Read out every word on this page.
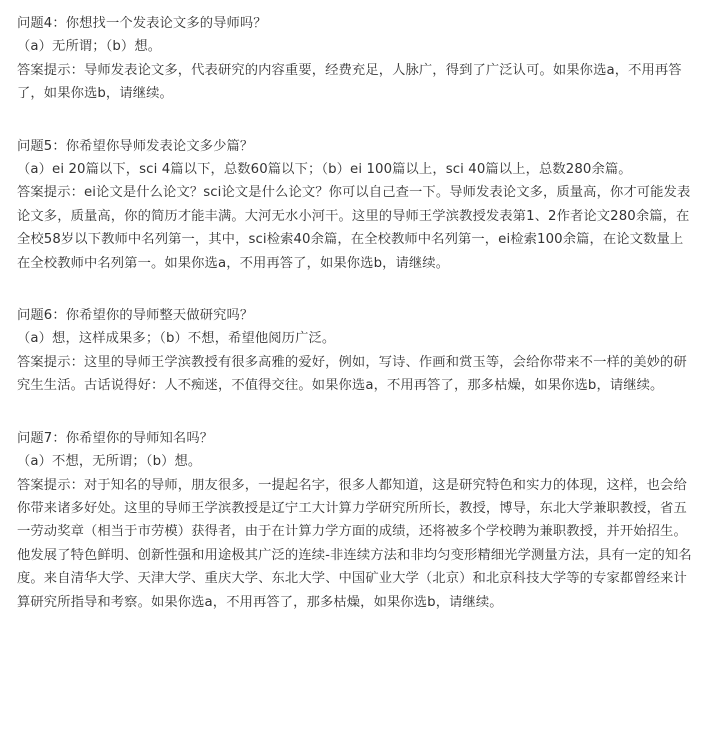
问题4：你想找一个发表论文多的导师吗？

（a）无所谓；（b）想。

答案提示：导师发表论文多，代表研究的内容重要，经费充足，人脉广，得到了广泛认可。如果你选a，不用再答了，如果你选b，请继续。

问题5：你希望你导师发表论文多少篇？

（a）ei 20篇以下，sci 4篇以下，总数60篇以下；（b）ei 100篇以上，sci 40篇以上，总数280余篇。

答案提示：ei论文是什么论文？sci论文是什么论文？你可以自己查一下。导师发表论文多，质量高，你才可能发表论文多，质量高，你的简历才能丰满。大河无水小河干。这里的导师王学滨教授发表第1、2作者论文280余篇，在全校58岁以下教师中名列第一，其中，sci检索40余篇，在全校教师中名列第一，ei检索100余篇，在论文数量上在全校教师中名列第一。如果你选a，不用再答了，如果你选b，请继续。

问题6：你希望你的导师整天做研究吗？

（a）想，这样成果多；（b）不想，希望他阅历广泛。

答案提示：这里的导师王学滨教授有很多高雅的爱好，例如，写诗、作画和赏玉等，会给你带来不一样的美妙的研究生生活。古话说得好：人不痴迷，不值得交往。如果你选a，不用再答了，那多枯燥，如果你选b，请继续。

问题7：你希望你的导师知名吗？

（a）不想，无所谓；（b）想。

答案提示：对于知名的导师，朋友很多，一提起名字，很多人都知道，这是研究特色和实力的体现，这样，也会给你带来诸多好处。这里的导师王学滨教授是辽宁工大计算力学研究所所长，教授，博导，东北大学兼职教授，省五一劳动奖章（相当于市劳模）获得者，由于在计算力学方面的成绩，还将被多个学校聘为兼职教授，并开始招生。他发展了特色鲜明、创新性强和用途极其广泛的连续-非连续方法和非均匀变形精细光学测量方法，具有一定的知名度。来自清华大学、天津大学、重庆大学、东北大学、中国矿业大学（北京）和北京科技大学等的专家都曾经来计算研究所指导和考察。如果你选a，不用再答了，那多枯燥，如果你选b，请继续。
